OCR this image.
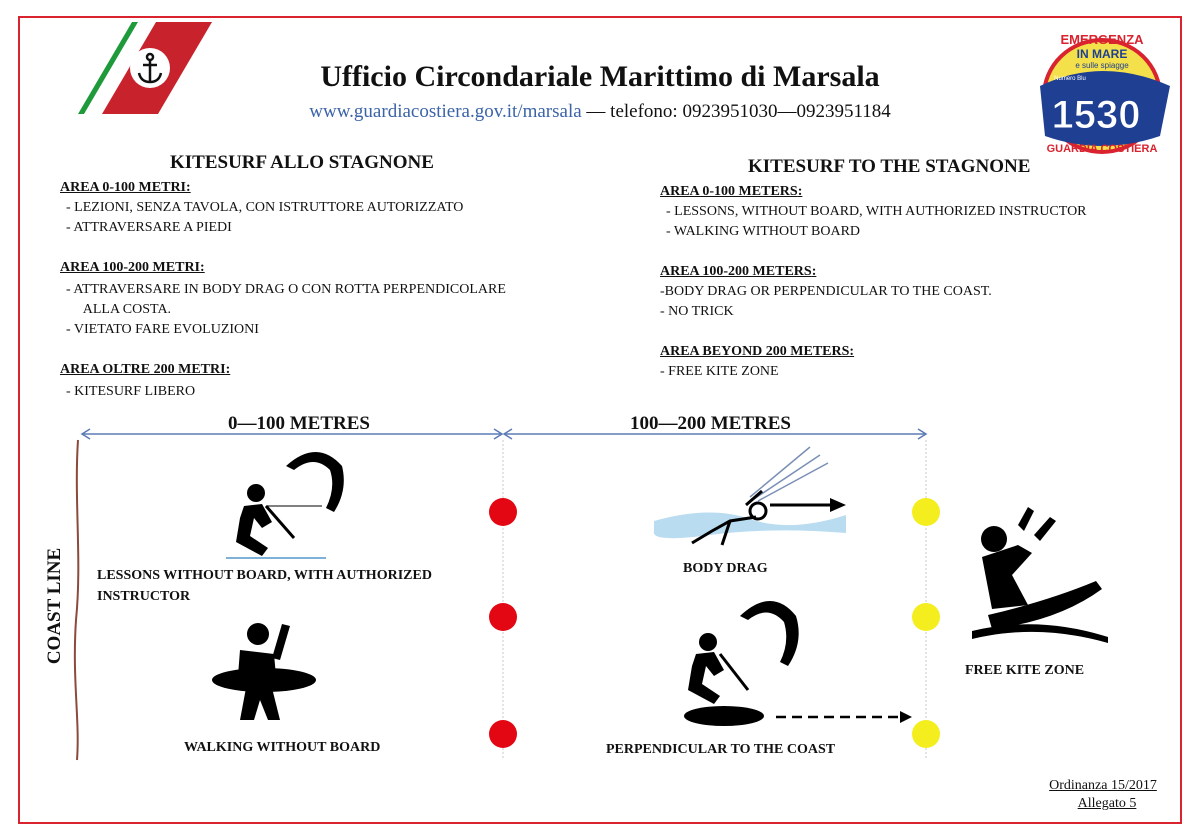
Ufficio Circondariale Marittimo di Marsala
www.guardiacostiera.gov.it/marsala — telefono: 0923951030—0923951184
EMERGENZA
IN MARE
e sulle spiagge
Numero Blu
1530
GUARDIA COSTIERA
KITESURF ALLO STAGNONE
AREA 0-100 METRI:
- LEZIONI, SENZA TAVOLA, CON ISTRUTTORE AUTORIZZATO
- ATTRAVERSARE A PIEDI
AREA 100-200 METRI:
- ATTRAVERSARE IN BODY DRAG O CON ROTTA PERPENDICOLARE
ALLA COSTA.
- VIETATO FARE EVOLUZIONI
AREA OLTRE 200 METRI:
- KITESURF LIBERO
KITESURF TO THE STAGNONE
AREA 0-100 METERS:
- LESSONS, WITHOUT BOARD, WITH AUTHORIZED INSTRUCTOR
- WALKING WITHOUT BOARD
AREA 100-200 METERS:
-BODY DRAG OR PERPENDICULAR TO THE COAST.
- NO TRICK
AREA BEYOND 200 METERS:
- FREE KITE ZONE
0—100 METRES	100—200 METRES
COAST LINE LESSONS WITHOUT BOARD, WITH AUTHORIZED INSTRUCTOR
WALKING WITHOUT BOARD
BODY DRAG
PERPENDICULAR TO THE COAST
FREE KITE ZONE
Ordinanza 15/2017
Allegato 5
